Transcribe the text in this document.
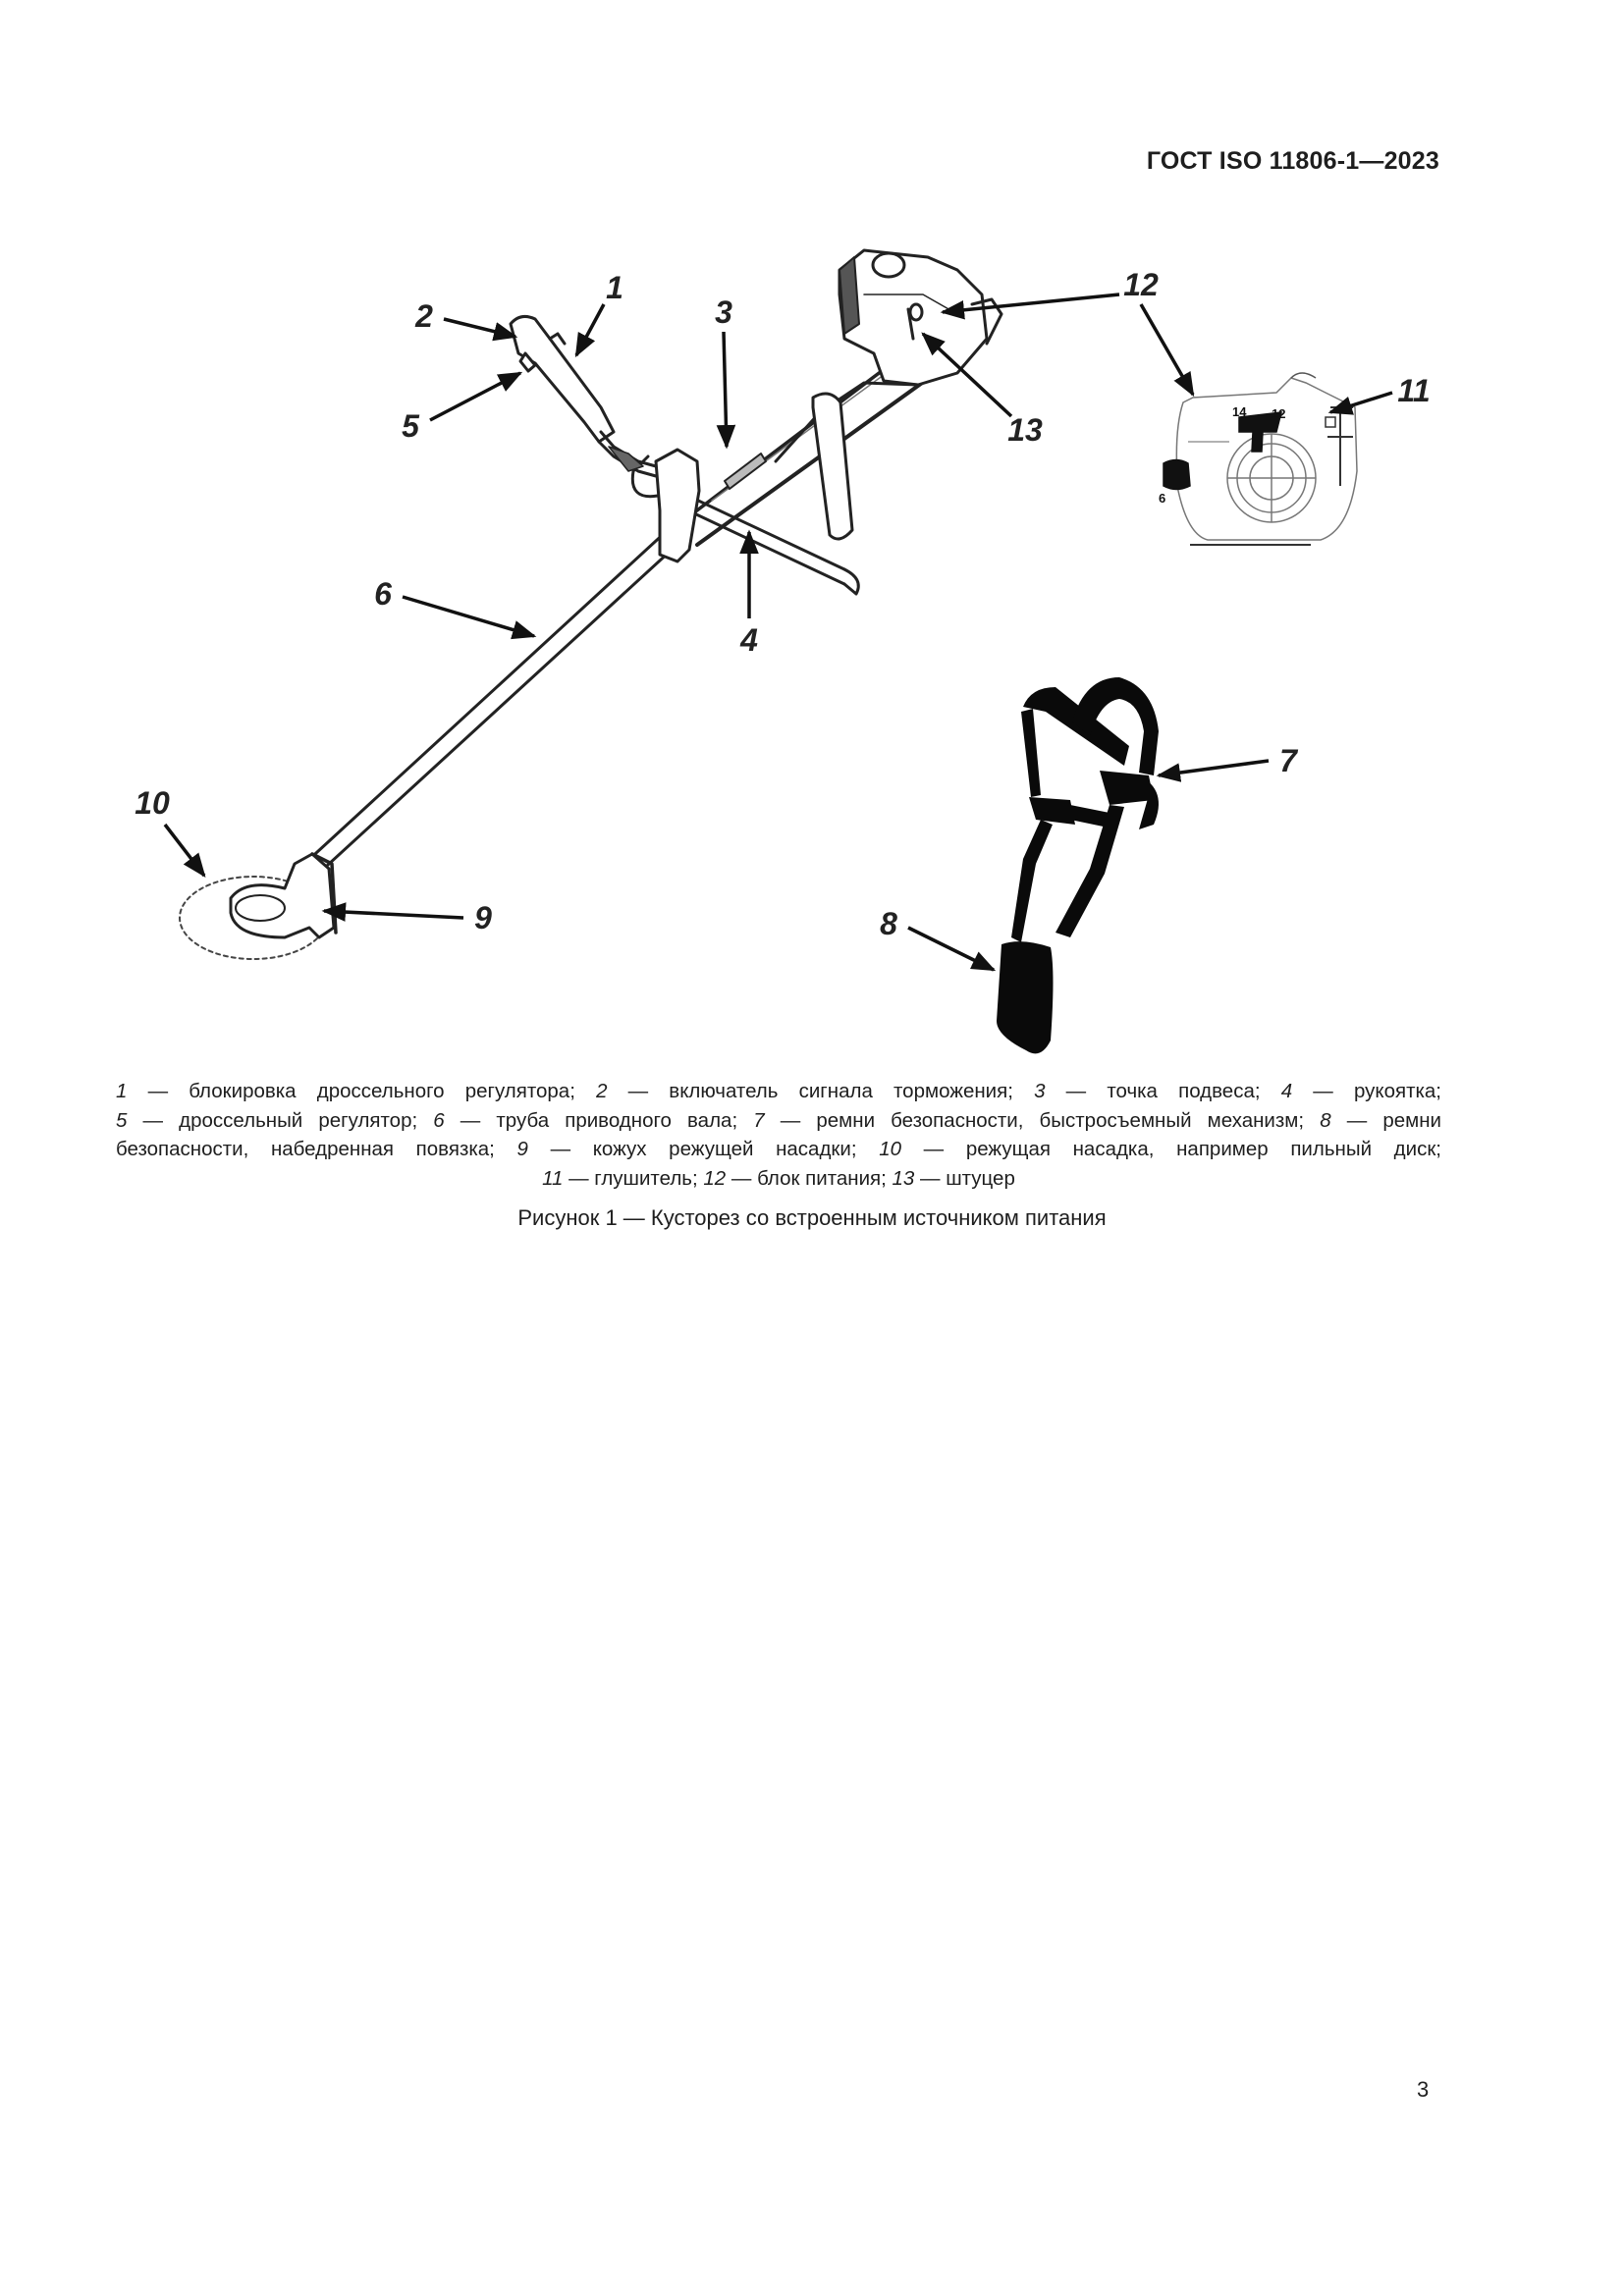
ГОСТ ISO 11806-1—2023
14 12
6
1
2	3
4
5
6
7
8
9
10
11
12
13
1 — блокировка дроссельного регулятора; 2 — включатель сигнала торможения; 3 — точка подвеса; 4 — рукоятка;
5 — дроссельный регулятор; 6 — труба приводного вала; 7 — ремни безопасности, быстросъемный механизм; 8 — ремни
безопасности, набедренная повязка; 9 — кожух режущей насадки; 10 — режущая насадка, например пильный диск;
11 — глушитель; 12 — блок питания; 13 — штуцер
Рисунок 1 — Кусторез со встроенным источником питания
3
